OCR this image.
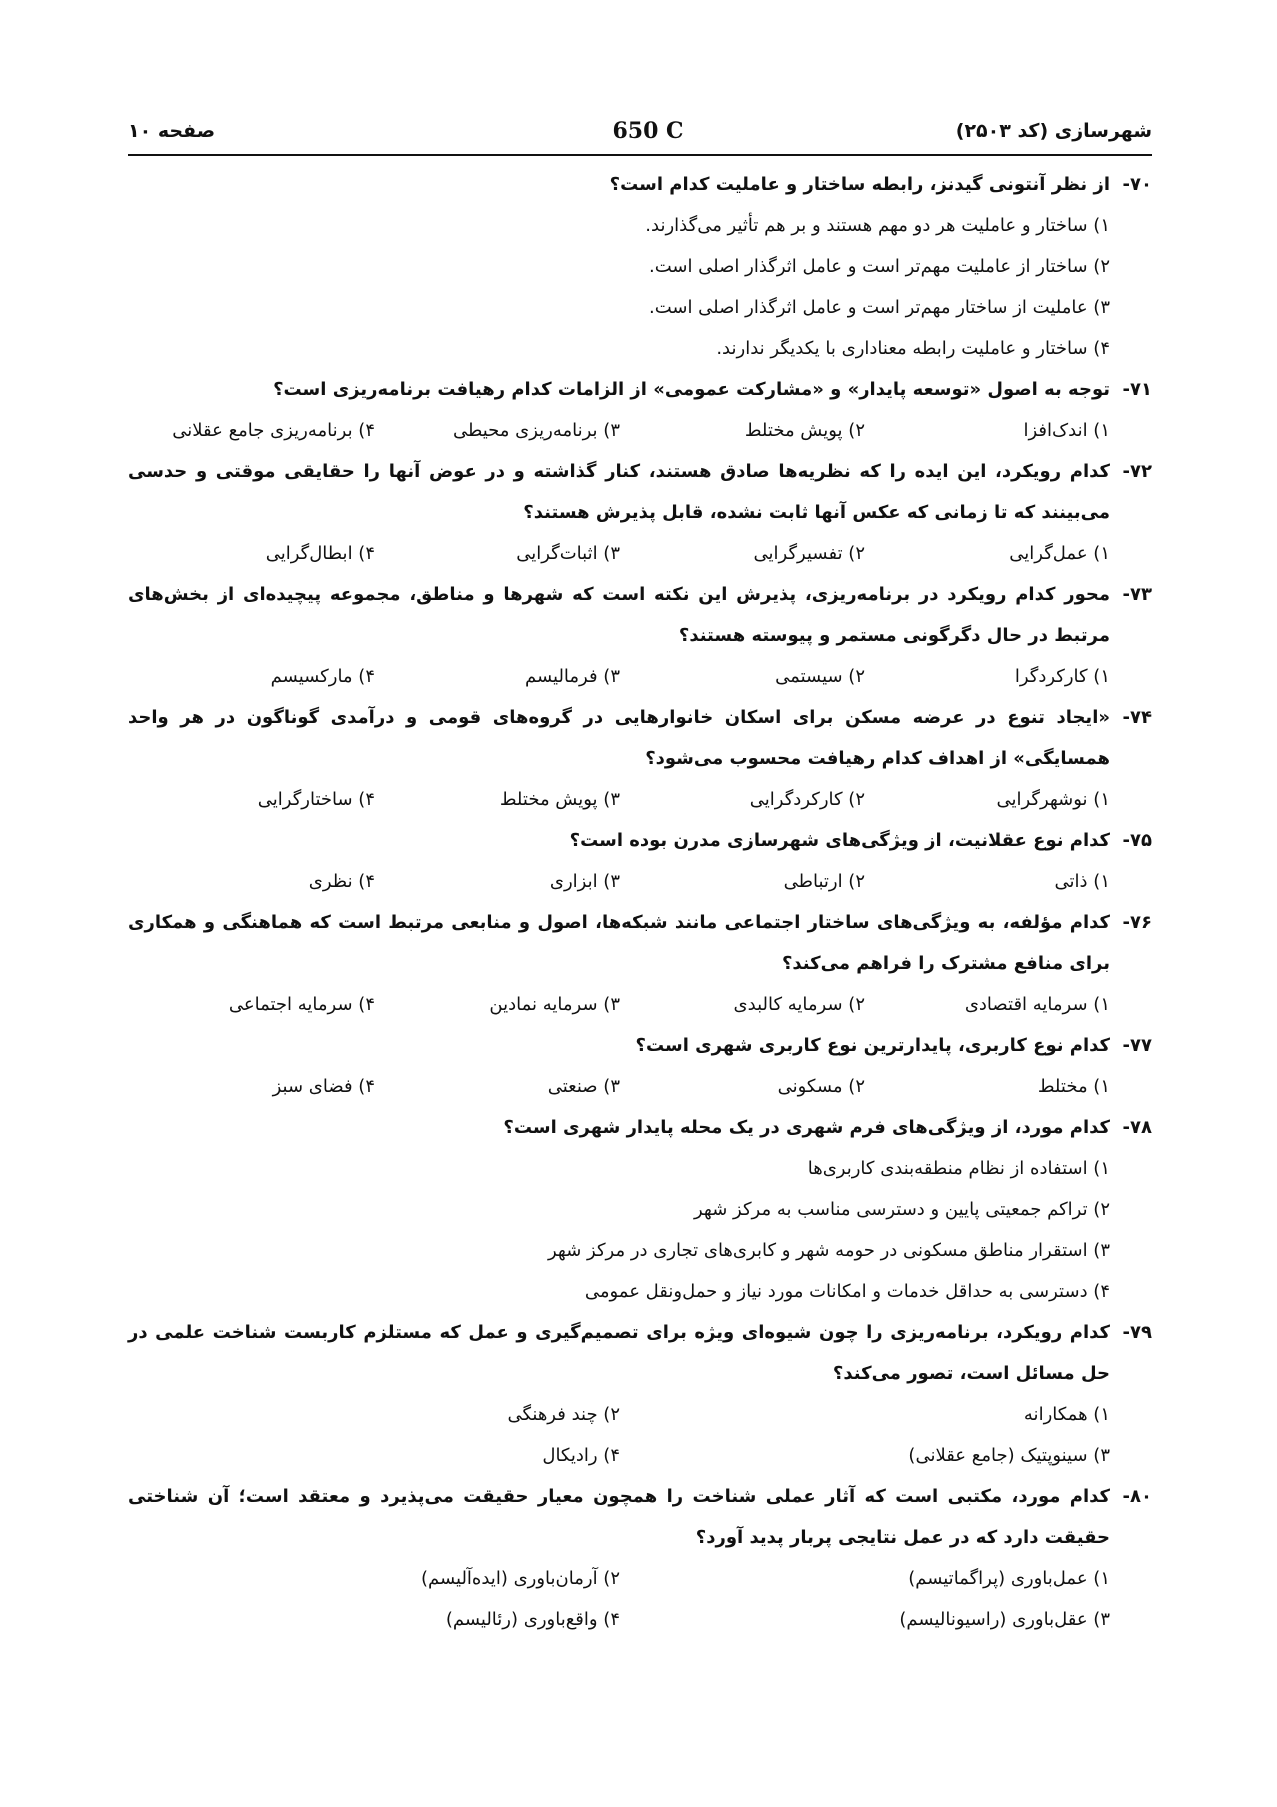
شهرسازی (کد ۲۵۰۳)
650 C
صفحه ۱۰
۷۰-
از نظر آنتونی گیدنز، رابطه ساختار و عاملیت کدام است؟
۱) ساختار و عاملیت هر دو مهم هستند و بر هم تأثیر می‌گذارند.
۲) ساختار از عاملیت مهم‌تر است و عامل اثرگذار اصلی است.
۳) عاملیت از ساختار مهم‌تر است و عامل اثرگذار اصلی است.
۴) ساختار و عاملیت رابطه معناداری با یکدیگر ندارند.
۷۱-
توجه به اصول «توسعه پایدار» و «مشارکت عمومی» از الزامات کدام رهیافت برنامه‌ریزی است؟
۱) اندک‌افزا
۲) پویش مختلط
۳) برنامه‌ریزی محیطی
۴) برنامه‌ریزی جامع عقلانی
۷۲-
کدام رویکرد، این ایده را که نظریه‌ها صادق هستند، کنار گذاشته و در عوض آنها را حقایقی موقتی و حدسی می‌بینند که تا زمانی که عکس آنها ثابت نشده، قابل پذیرش هستند؟
۱) عمل‌گرایی
۲) تفسیرگرایی
۳) اثبات‌گرایی
۴) ابطال‌گرایی
۷۳-
محور کدام رویکرد در برنامه‌ریزی، پذیرش این نکته است که شهرها و مناطق، مجموعه پیچیده‌ای از بخش‌های مرتبط در حال دگرگونی مستمر و پیوسته هستند؟
۱) کارکردگرا
۲) سیستمی
۳) فرمالیسم
۴) مارکسیسم
۷۴-
«ایجاد تنوع در عرضه مسکن برای اسکان خانوارهایی در گروه‌های قومی و درآمدی گوناگون در هر واحد همسایگی» از اهداف کدام رهیافت محسوب می‌شود؟
۱) نوشهرگرایی
۲) کارکردگرایی
۳) پویش مختلط
۴) ساختارگرایی
۷۵-
کدام نوع عقلانیت، از ویژگی‌های شهرسازی مدرن بوده است؟
۱) ذاتی
۲) ارتباطی
۳) ابزاری
۴) نظری
۷۶-
کدام مؤلفه، به ویژگی‌های ساختار اجتماعی مانند شبکه‌ها، اصول و منابعی مرتبط است که هماهنگی و همکاری برای منافع مشترک را فراهم می‌کند؟
۱) سرمایه اقتصادی
۲) سرمایه کالبدی
۳) سرمایه نمادین
۴) سرمایه اجتماعی
۷۷-
کدام نوع کاربری، پایدارترین نوع کاربری شهری است؟
۱) مختلط
۲) مسکونی
۳) صنعتی
۴) فضای سبز
۷۸-
کدام مورد، از ویژگی‌های فرم شهری در یک محله پایدار شهری است؟
۱) استفاده از نظام منطقه‌بندی کاربری‌ها
۲) تراکم جمعیتی پایین و دسترسی مناسب به مرکز شهر
۳) استقرار مناطق مسکونی در حومه شهر و کابری‌های تجاری در مرکز شهر
۴) دسترسی به حداقل خدمات و امکانات مورد نیاز و حمل‌ونقل عمومی
۷۹-
کدام رویکرد، برنامه‌ریزی را چون شیوه‌ای ویژه برای تصمیم‌گیری و عمل که مستلزم کاربست شناخت علمی در حل مسائل است، تصور می‌کند؟
۱) همکارانه
۲) چند فرهنگی
۳) سینوپتیک (جامع عقلانی)
۴) رادیکال
۸۰-
کدام مورد، مکتبی است که آثار عملی شناخت را همچون معیار حقیقت می‌پذیرد و معتقد است؛ آن شناختی حقیقت دارد که در عمل نتایجی پربار پدید آورد؟
۱) عمل‌باوری (پراگماتیسم)
۲) آرمان‌باوری (ایده‌آلیسم)
۳) عقل‌باوری (راسیونالیسم)
۴) واقع‌باوری (رئالیسم)
